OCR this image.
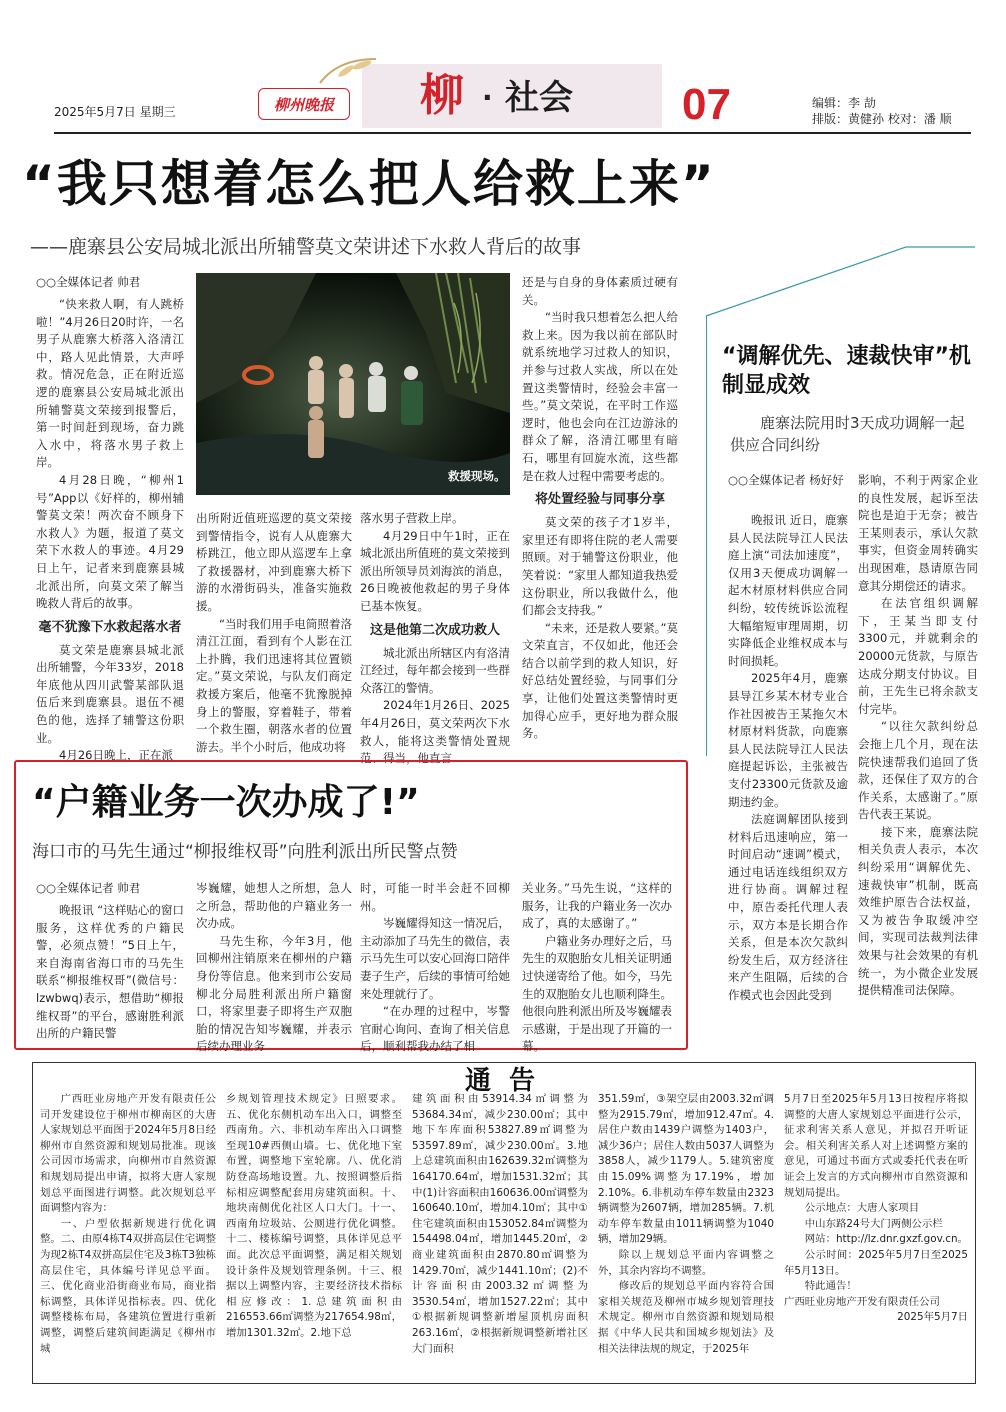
2025年5月7日 星期三	柳州晚报 柳 · 社会 07	编辑：李 劼
排版：黄健孙 校对：潘 顺
“我只想着怎么把人给救上来”
——鹿寨县公安局城北派出所辅警莫文荣讲述下水救人背后的故事
○○全媒体记者 帅君
救援现场。

“快来救人啊，有人跳桥啦！”4月26日20时许，一名男子从鹿寨大桥落入洛清江中，路人见此情景，大声呼救。情况危急，正在附近巡逻的鹿寨县公安局城北派出所辅警莫文荣接到报警后，第一时间赶到现场，奋力跳入水中，将落水男子救上岸。

4月28日晚，“柳州1号”App以《好样的，柳州辅警莫文荣！两次奋不顾身下水救人》为题，报道了莫文荣下水救人的事迹。4月29日上午，记者来到鹿寨县城北派出所，向莫文荣了解当晚救人背后的故事。

毫不犹豫下水救起落水者

莫文荣是鹿寨县城北派出所辅警，今年33岁，2018年底他从四川武警某部队退伍后来到鹿寨县。退伍不褪色的他，选择了辅警这份职业。

4月26日晚上，正在派

出所附近值班巡逻的莫文荣接到警情指令，说有人从鹿寨大桥跳江，他立即从巡逻车上拿了救援器材，冲到鹿寨大桥下游的水滑街码头，准备实施救援。

“当时我们用手电筒照着洛清江江面，看到有个人影在江上扑腾，我们迅速将其位置锁定。”莫文荣说，与队友们商定救援方案后，他毫不犹豫脱掉身上的警服，穿着鞋子，带着一个救生圈，朝落水者的位置游去。半个小时后，他成功将

落水男子营救上岸。

4月29日中午1时，正在城北派出所值班的莫文荣接到派出所领导员刘海滨的消息，26日晚被他救起的男子身体已基本恢复。

这是他第二次成功救人

城北派出所辖区内有洛清江经过，每年都会接到一些群众落江的警情。

2024年1月26日、2025年4月26日，莫文荣两次下水救人，能将这类警情处置规范、得当，他直言

还是与自身的身体素质过硬有关。

“当时我只想着怎么把人给救上来。因为我以前在部队时就系统地学习过救人的知识，并参与过救人实战，所以在处置这类警情时，经验会丰富一些。”莫文荣说，在平时工作巡逻时，他也会向在江边游泳的群众了解，洛清江哪里有暗石，哪里有回旋水流，这些都是在救人过程中需要考虑的。

将处置经验与同事分享

莫文荣的孩子才1岁半，家里还有即将住院的老人需要照顾。对于辅警这份职业，他笑着说：“家里人都知道我热爱这份职业，所以我做什么，他们都会支持我。”

“未来，还是救人要紧。”莫文荣直言，不仅如此，他还会结合以前学到的救人知识，好好总结处置经验，与同事们分享，让他们处置这类警情时更加得心应手，更好地为群众服务。

“调解优先、速裁快审”机制显成效
鹿寨法院用时3天成功调解一起供应合同纠纷
○○全媒体记者 杨好好

晚报讯 近日，鹿寨县人民法院导江人民法庭上演“司法加速度”，仅用3天便成功调解一起木材原材料供应合同纠纷，较传统诉讼流程大幅缩短审理周期，切实降低企业维权成本与时间损耗。

2025年4月，鹿寨县导江乡某木材专业合作社因被告王某拖欠木材原材料货款，向鹿寨县人民法院导江人民法庭提起诉讼，主张被告支付23300元货款及逾期违约金。

法庭调解团队接到材料后迅速响应，第一时间启动“速调”模式，通过电话连线组织双方进行协商。调解过程中，原告委托代理人表示，双方本是长期合作关系，但是本次欠款纠纷发生后，双方经济往来产生阻隔，后续的合作模式也会因此受到

影响，不利于两家企业的良性发展，起诉至法院也是迫于无奈；被告王某则表示，承认欠款事实，但资金周转确实出现困难，恳请原告同意其分期偿还的请求。

在法官组织调解下，王某当即支付3300元，并就剩余的20000元货款，与原告达成分期支付协议。目前，王先生已将余款支付完毕。

“以往欠款纠纷总会拖上几个月，现在法院快速帮我们追回了货款，还保住了双方的合作关系，太感谢了。”原告代表王某说。

接下来，鹿寨法院相关负责人表示，本次纠纷采用“调解优先、速裁快审”机制，既高效维护原告合法权益，又为被告争取缓冲空间，实现司法裁判法律效果与社会效果的有机统一，为小微企业发展提供精准司法保障。

“户籍业务一次办成了!”
海口市的马先生通过“柳报维权哥”向胜利派出所民警点赞
○○全媒体记者 帅君

晚报讯 “这样贴心的窗口服务，这样优秀的户籍民警，必须点赞！”5日上午，来自海南省海口市的马先生联系“柳报维权哥”(微信号：lzwbwq)表示，想借助“柳报维权哥”的平台，感谢胜利派出所的户籍民警

岑巍耀，她想人之所想，急人之所急，帮助他的户籍业务一次办成。

马先生称，今年3月，他回柳州注销原来在柳州的户籍身份等信息。他来到市公安局柳北分局胜利派出所户籍窗口，将家里妻子即将生产双胞胎的情况告知岑巍耀，并表示后续办理业务

时，可能一时半会赶不回柳州。

岑巍耀得知这一情况后，主动添加了马先生的微信，表示马先生可以安心回海口陪伴妻子生产，后续的事情可给她来处理就行了。

“在办理的过程中，岑警官耐心询问、查询了相关信息后，顺利帮我办结了相

关业务。”马先生说，“这样的服务，让我的户籍业务一次办成了，真的太感谢了。”

户籍业务办理好之后，马先生的双胞胎女儿相关证明通过快递寄给了他。如今，马先生的双胞胎女儿也顺利降生。他很向胜利派出所及岑巍耀表示感谢，于是出现了开篇的一幕。

通  告

广西旺业房地产开发有限责任公司开发建设位于柳州市柳南区的大唐人家规划总平面图于2024年5月8日经柳州市自然资源和规划局批准。现该公司因市场需求，向柳州市自然资源和规划局提出申请，拟将大唐人家规划总平面图进行调整。此次规划总平面调整内容为：

一、户型依据新规进行优化调整。二、由原4栋T4双拼高层住宅调整为现2栋T4双拼高层住宅及3栋T3独栋高层住宅，具体编号详见总平面。三、优化商业沿街商业布局，商业指标调整，具体详见指标表。四、优化调整楼栋布局，各建筑位置进行重新调整，调整后建筑间距满足《柳州市城

乡规划管理技术规定》日照要求。五、优化东侧机动车出入口，调整至西南角。六、非机动车库出入口调整至现10#西侧山墙。七、优化地下室布置，调整地下室轮廓。八、优化消防登高场地设置。九、按照调整后指标相应调整配套用房建筑面积。十、地块南侧优化社区人口大门。十一、西南角垃圾站、公厕进行优化调整。十二、楼栋编号调整，具体详见总平面。此次总平面调整，满足相关规划设计条件及规划管理条例。十三、根据以上调整内容，主要经济技术指标相应修改：1.总建筑面积由216553.66㎡调整为217654.98㎡，增加1301.32㎡。2.地下总

建筑面积由53914.34㎡调整为53684.34㎡，减少230.00㎡；其中地下车库面积53827.89㎡调整为53597.89㎡，减少230.00㎡。3.地上总建筑面积由162639.32㎡调整为164170.64㎡，增加1531.32㎡；其中(1)计容面积由160636.00㎡调整为160640.10㎡，增加4.10㎡；其中①住宅建筑面积由153052.84㎡调整为154498.04㎡，增加1445.20㎡，②商业建筑面积由2870.80㎡调整为1429.70㎡，减少1441.10㎡；(2)不计容面积由2003.32㎡调整为3530.54㎡，增加1527.22㎡；其中①根据新规调整新增屋顶机房面积263.16㎡，②根据新规调整新增社区大门面积

351.59㎡，③架空层由2003.32㎡调整为2915.79㎡，增加912.47㎡。4.居住户数由1439户调整为1403户，减少36户；居住人数由5037人调整为3858人，减少1179人。5.建筑密度由15.09%调整为17.19%，增加2.10%。6.非机动车停车数量由2323辆调整为2607辆，增加285辆。7.机动车停车数量由1011辆调整为1040辆，增加29辆。

除以上规划总平面内容调整之外，其余内容均不调整。

修改后的规划总平面内容符合国家相关规范及柳州市城乡规划管理技术规定。柳州市自然资源和规划局根据《中华人民共和国城乡规划法》及相关法律法规的规定，于2025年

5月7日至2025年5月13日按程序将拟调整的大唐人家规划总平面进行公示，征求利害关系人意见，并拟召开听证会。相关利害关系人对上述调整方案的意见，可通过书面方式或委托代表在听证会上发言的方式向柳州市自然资源和规划局提出。

公示地点：大唐人家项目

中山东路24号大门两侧公示栏

网站：http://lz.dnr.gxzf.gov.cn。

公示时间：2025年5月7日至2025年5月13日。

特此通告！

广西旺业房地产开发有限责任公司

2025年5月7日
